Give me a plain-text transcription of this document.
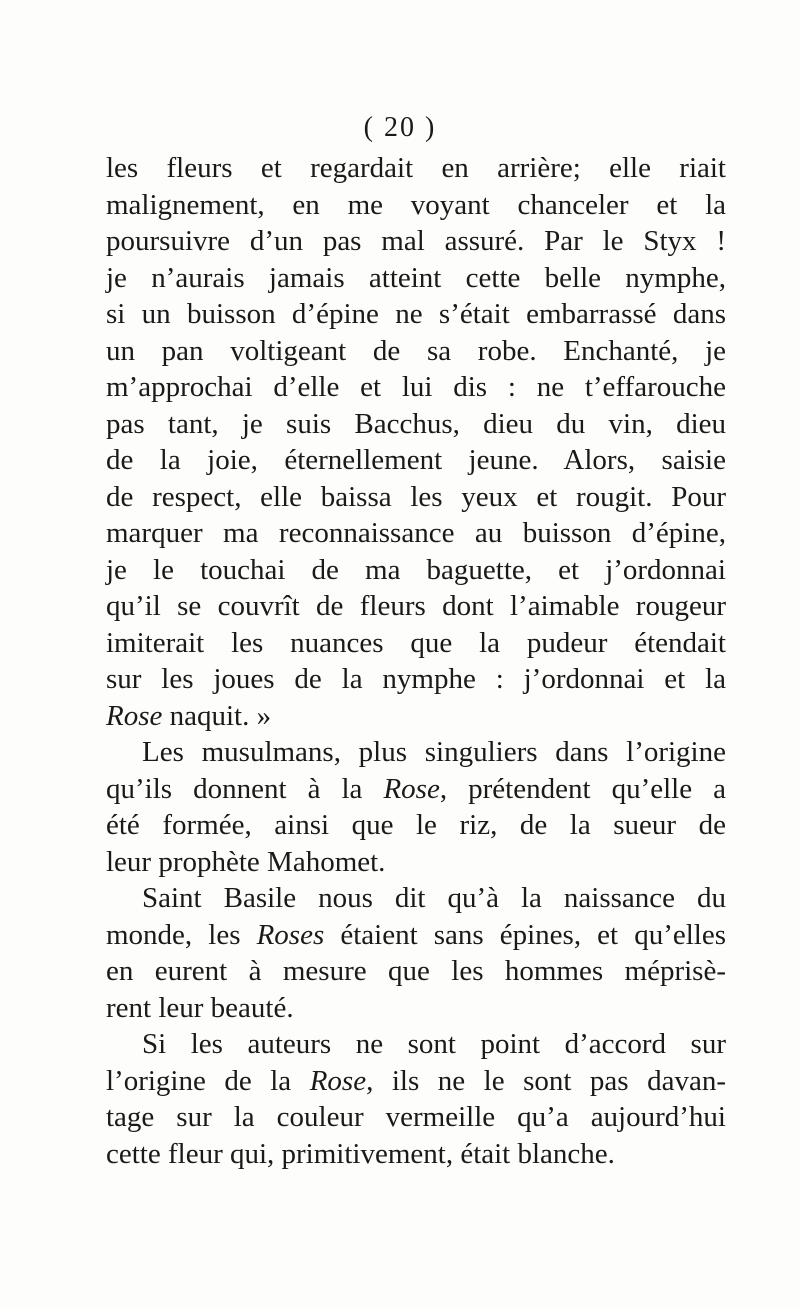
( 20 )
les fleurs et regardait en arrière; elle riait
malignement, en me voyant chanceler et la
poursuivre d’un pas mal assuré. Par le Styx !
je n’aurais jamais atteint cette belle nymphe,
si un buisson d’épine ne s’était embarrassé dans
un pan voltigeant de sa robe. Enchanté, je
m’approchai d’elle et lui dis : ne t’effarouche
pas tant, je suis Bacchus, dieu du vin, dieu
de la joie, éternellement jeune. Alors, saisie
de respect, elle baissa les yeux et rougit. Pour
marquer ma reconnaissance au buisson d’épine,
je le touchai de ma baguette, et j’ordonnai
qu’il se couvrît de fleurs dont l’aimable rougeur
imiterait les nuances que la pudeur étendait
sur les joues de la nymphe : j’ordonnai et la
Rose naquit. »
Les musulmans, plus singuliers dans l’origine
qu’ils donnent à la Rose, prétendent qu’elle a
été formée, ainsi que le riz, de la sueur de
leur prophète Mahomet.
Saint Basile nous dit qu’à la naissance du
monde, les Roses étaient sans épines, et qu’elles
en eurent à mesure que les hommes méprisè-
rent leur beauté.
Si les auteurs ne sont point d’accord sur
l’origine de la Rose, ils ne le sont pas davan-
tage sur la couleur vermeille qu’a aujourd’hui
cette fleur qui, primitivement, était blanche.
